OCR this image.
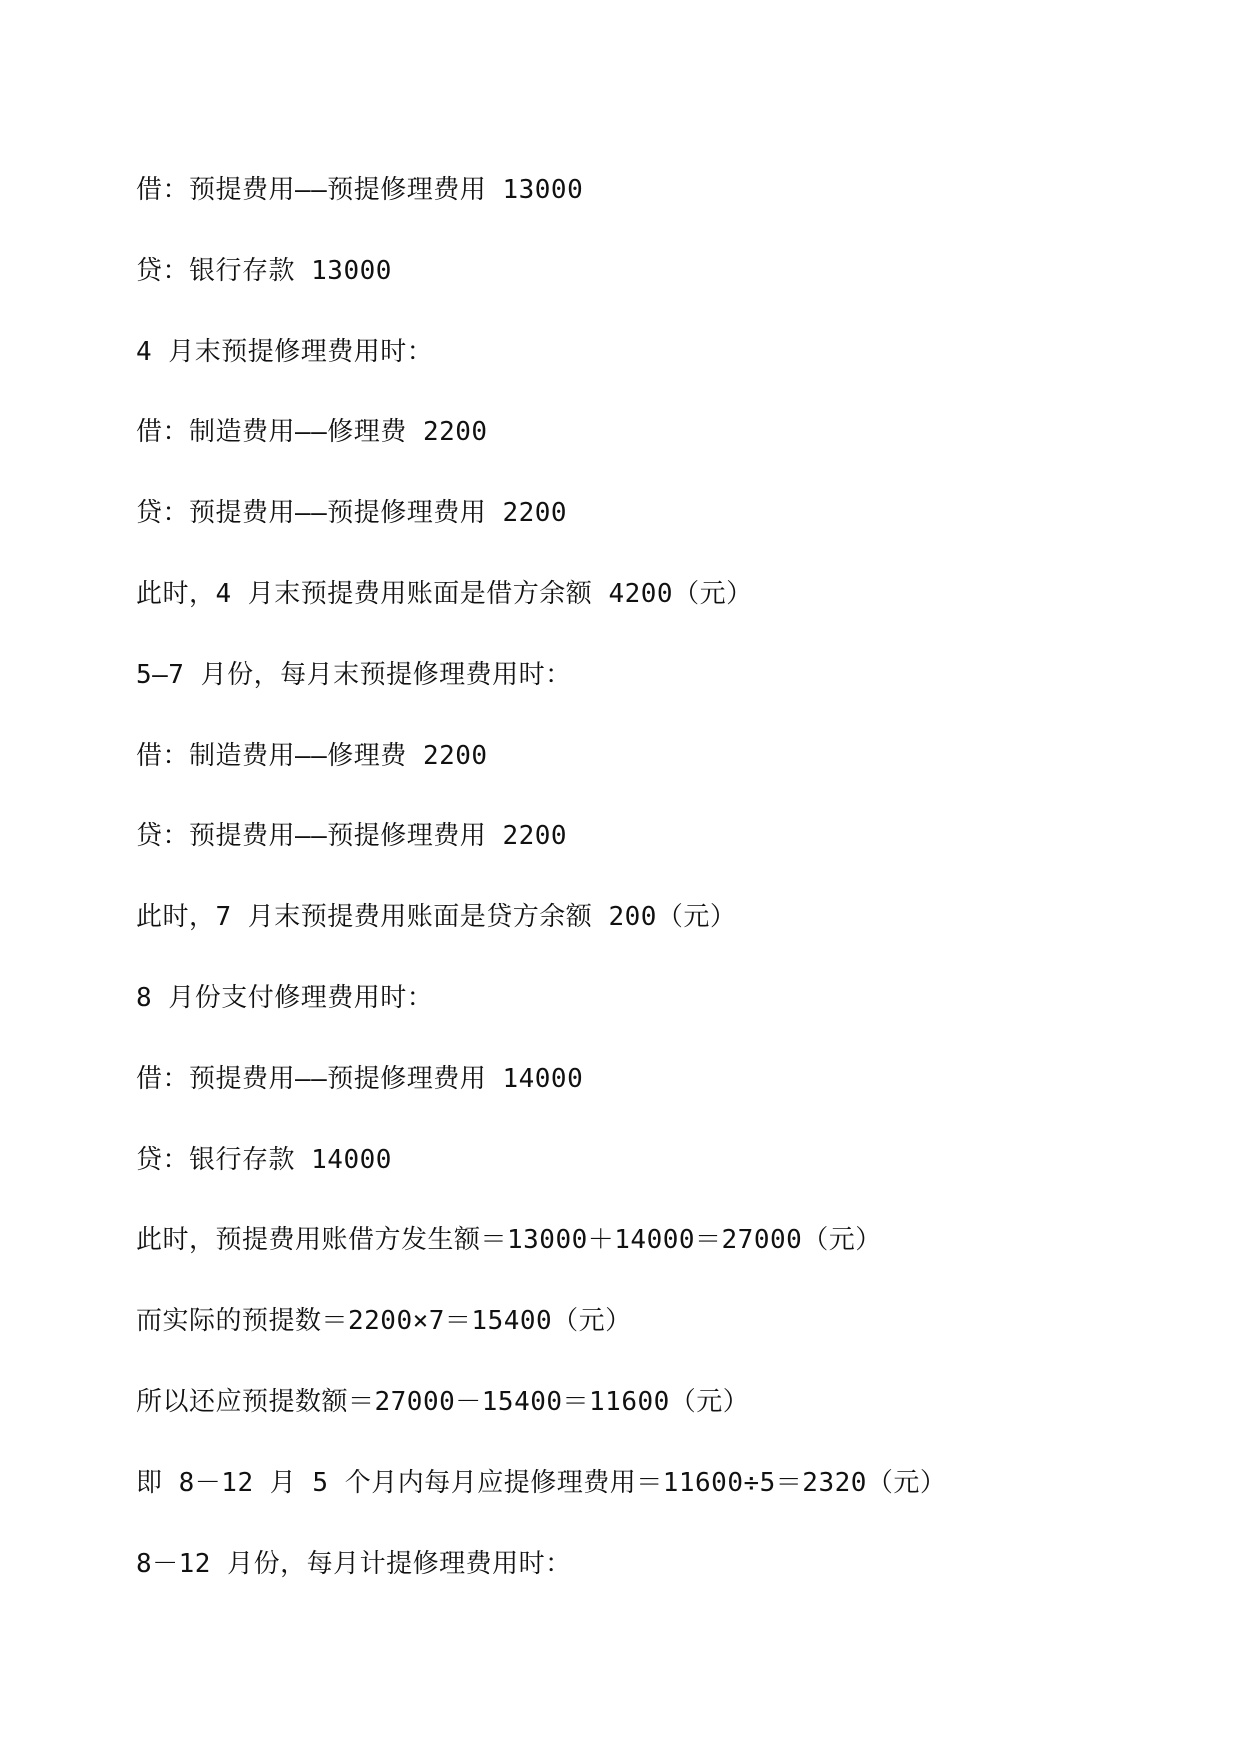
借：预提费用——预提修理费用 13000

贷：银行存款 13000

4 月末预提修理费用时：

借：制造费用——修理费 2200

贷：预提费用——预提修理费用 2200

此时，4 月末预提费用账面是借方余额 4200（元）

5—7 月份，每月末预提修理费用时：

借：制造费用——修理费 2200

贷：预提费用——预提修理费用 2200

此时，7 月末预提费用账面是贷方余额 200（元）

8 月份支付修理费用时：

借：预提费用——预提修理费用 14000

贷：银行存款 14000

此时，预提费用账借方发生额＝13000＋14000＝27000（元）

而实际的预提数＝2200×7＝15400（元）

所以还应预提数额＝27000－15400＝11600（元）

即 8－12 月 5 个月内每月应提修理费用＝11600÷5＝2320（元）

8－12 月份，每月计提修理费用时：
